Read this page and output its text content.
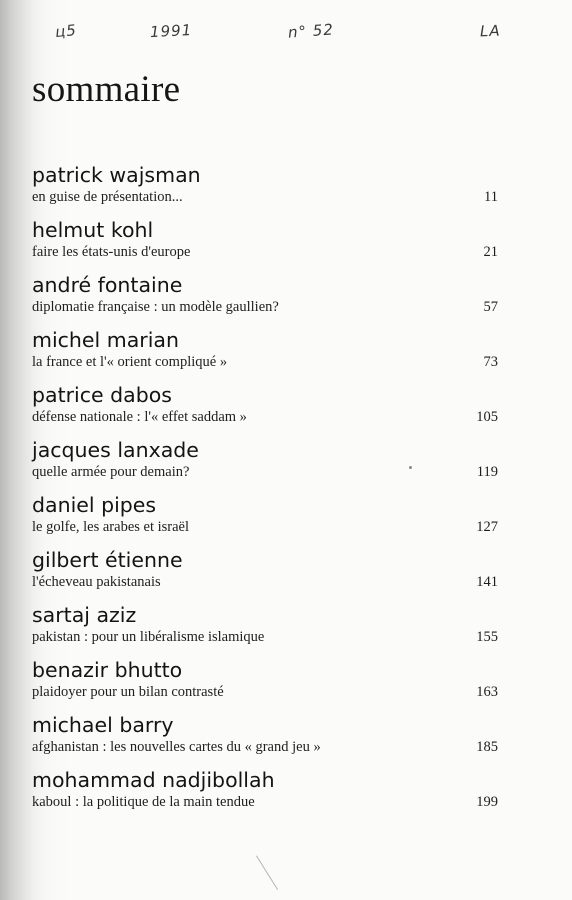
ц5	1991	n° 52	LA
sommaire
patrick wajsman
en guise de présentation...	11
helmut kohl
faire les états-unis d'europe	21
andré fontaine
diplomatie française : un modèle gaullien?	57
michel marian
la france et l'« orient compliqué »	73
patrice dabos
défense nationale : l'« effet saddam »	105
jacques lanxade
quelle armée pour demain?	119
daniel pipes
le golfe, les arabes et israël	127
gilbert étienne
l'écheveau pakistanais	141
sartaj aziz
pakistan : pour un libéralisme islamique	155
benazir bhutto
plaidoyer pour un bilan contrasté	163
michael barry
afghanistan : les nouvelles cartes du « grand jeu »	185
mohammad nadjibollah
kaboul : la politique de la main tendue	199
